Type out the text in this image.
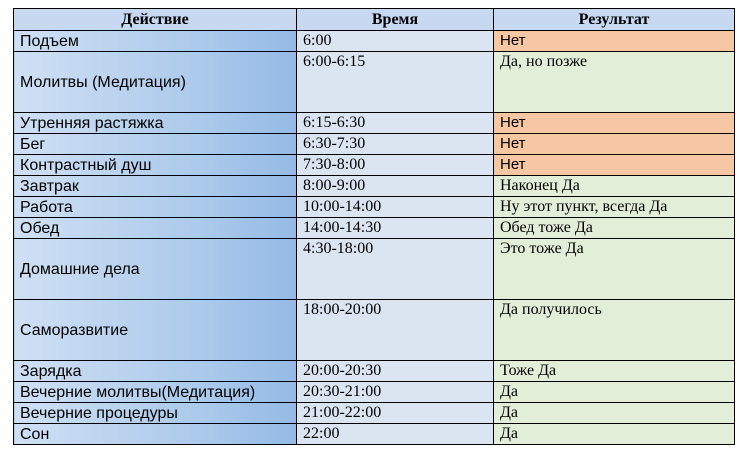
Действие	Время	Результат
Подъем	6:00	Нет
Молитвы (Медитация)	6:00-6:15	Да, но позже
Утренняя растяжка	6:15-6:30	Нет
Бег	6:30-7:30	Нет
Контрастный душ	7:30-8:00	Нет
Завтрак	8:00-9:00	Наконец Да
Работа	10:00-14:00	Ну этот пункт, всегда Да
Обед	14:00-14:30	Обед тоже Да
Домашние дела	4:30-18:00	Это тоже Да
Саморазвитие	18:00-20:00	Да получилось
Зарядка	20:00-20:30	Тоже Да
Вечерние молитвы(Медитация)	20:30-21:00	Да
Вечерние процедуры	21:00-22:00	Да
Сон	22:00	Да
